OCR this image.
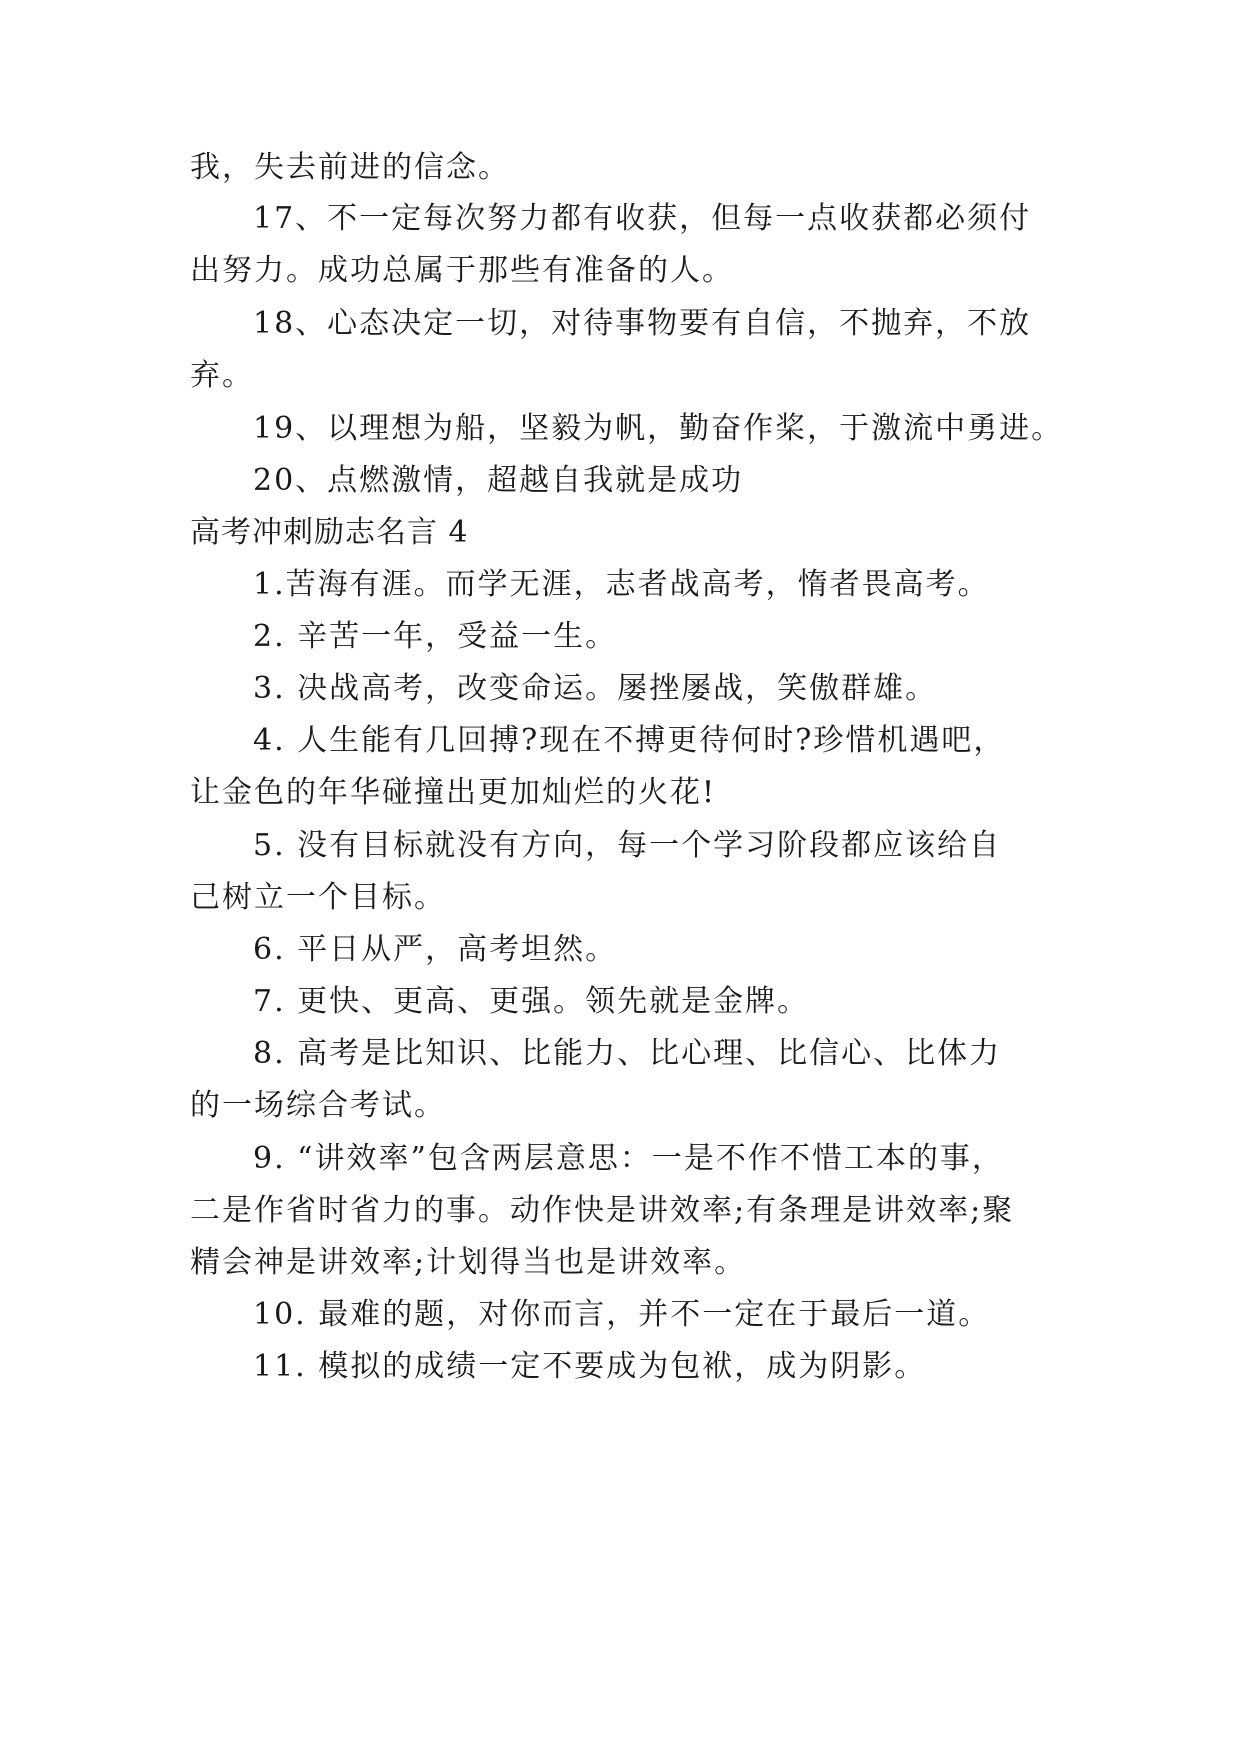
我，失去前进的信念。
17、不一定每次努力都有收获，但每一点收获都必须付
出努力。成功总属于那些有准备的人。
18、心态决定一切，对待事物要有自信，不抛弃，不放
弃。
19、以理想为船，坚毅为帆，勤奋作桨，于激流中勇进。
20、点燃激情，超越自我就是成功
高考冲刺励志名言 4
1.苦海有涯。而学无涯，志者战高考，惰者畏高考。
2. 辛苦一年，受益一生。
3. 决战高考，改变命运。屡挫屡战，笑傲群雄。
4. 人生能有几回搏?现在不搏更待何时?珍惜机遇吧，
让金色的年华碰撞出更加灿烂的火花!
5. 没有目标就没有方向，每一个学习阶段都应该给自
己树立一个目标。
6. 平日从严，高考坦然。
7. 更快、更高、更强。领先就是金牌。
8. 高考是比知识、比能力、比心理、比信心、比体力
的一场综合考试。
9. “讲效率”包含两层意思：一是不作不惜工本的事，
二是作省时省力的事。动作快是讲效率;有条理是讲效率;聚
精会神是讲效率;计划得当也是讲效率。
10. 最难的题，对你而言，并不一定在于最后一道。
11. 模拟的成绩一定不要成为包袱，成为阴影。
